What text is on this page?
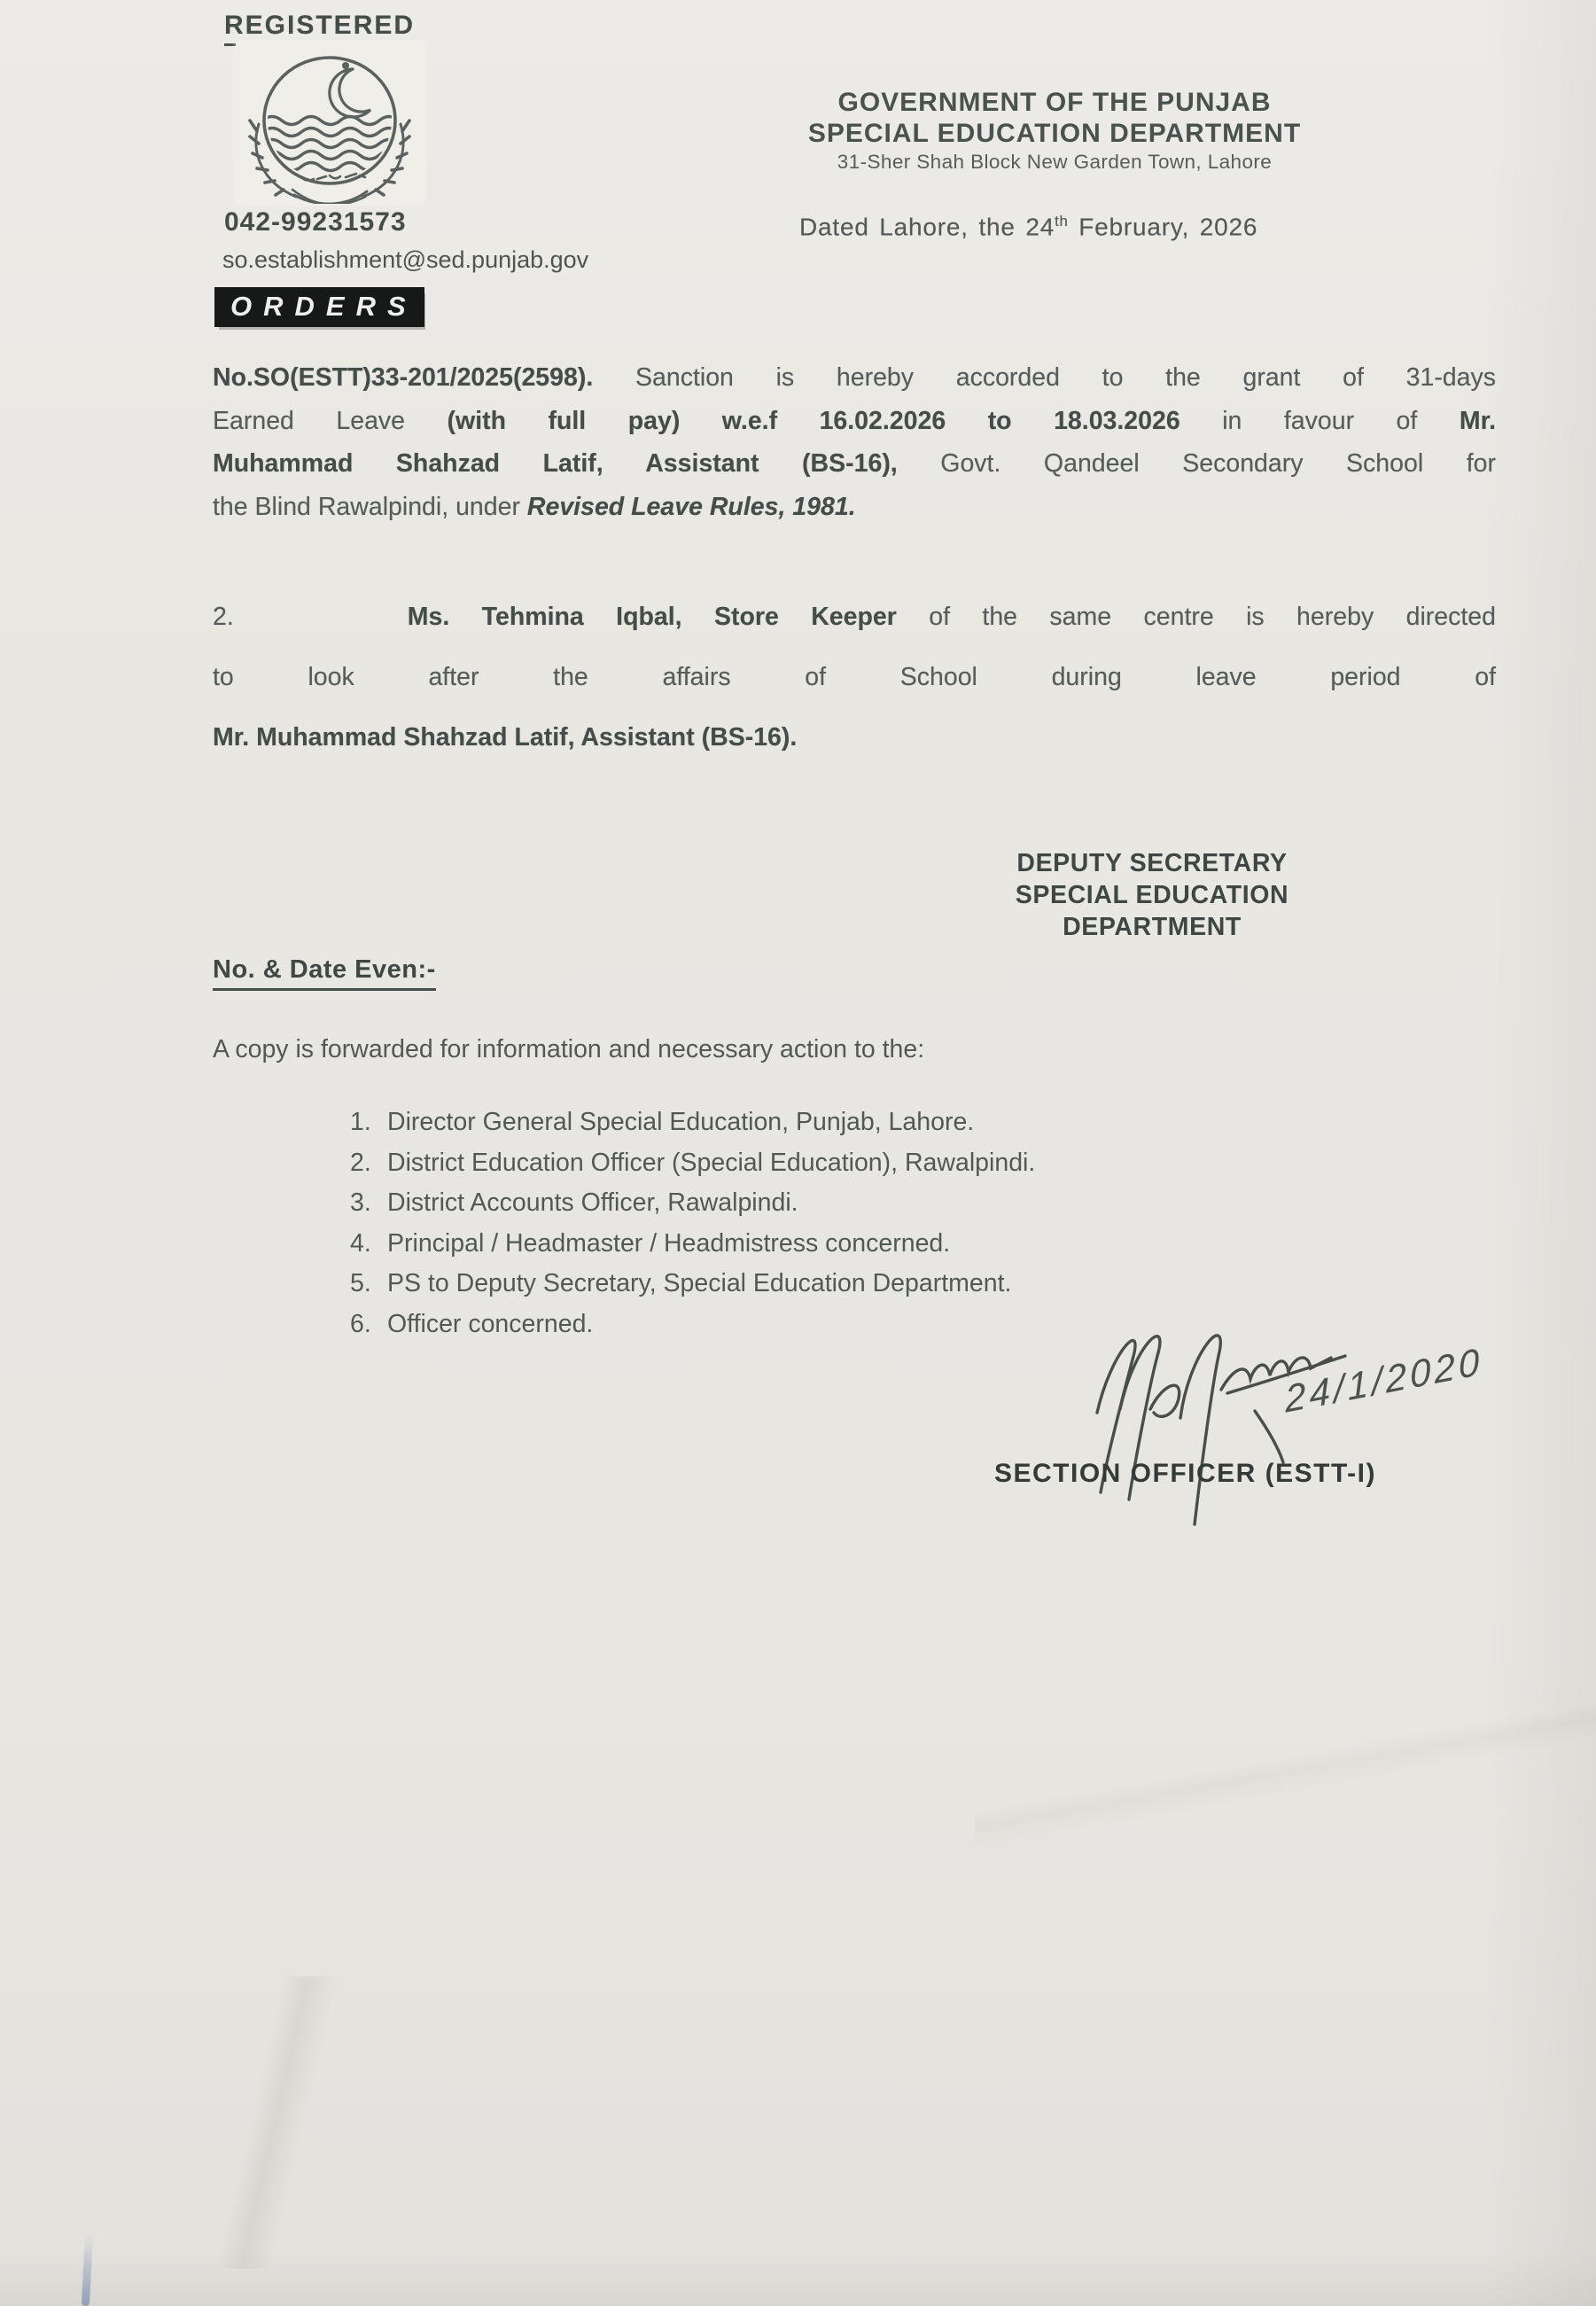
REGISTERED
042-99231573
so.establishment@sed.punjab.gov
GOVERNMENT OF THE PUNJAB
SPECIAL EDUCATION DEPARTMENT
31-Sher Shah Block New Garden Town, Lahore
Dated Lahore, the 24th February, 2026
ORDERS
No.SO(ESTT)33-201/2025(2598). Sanction is hereby accorded to the grant of 31-days
Earned Leave (with full pay) w.e.f 16.02.2026 to 18.03.2026 in favour of Mr.
Muhammad Shahzad Latif, Assistant (BS-16), Govt. Qandeel Secondary School for
the Blind Rawalpindi, under Revised Leave Rules, 1981.
2.	Ms. Tehmina Iqbal, Store Keeper of the same centre is hereby directed
to look after the affairs of School during leave period of
Mr. Muhammad Shahzad Latif, Assistant (BS-16).
DEPUTY SECRETARY
SPECIAL EDUCATION
DEPARTMENT
No. & Date Even:-
A copy is forwarded for information and necessary action to the:
1. Director General Special Education, Punjab, Lahore.
2. District Education Officer (Special Education), Rawalpindi.
3. District Accounts Officer, Rawalpindi.
4. Principal / Headmaster / Headmistress concerned.
5. PS to Deputy Secretary, Special Education Department.
6. Officer concerned.
24/1/2020
SECTION OFFICER (ESTT-I)
